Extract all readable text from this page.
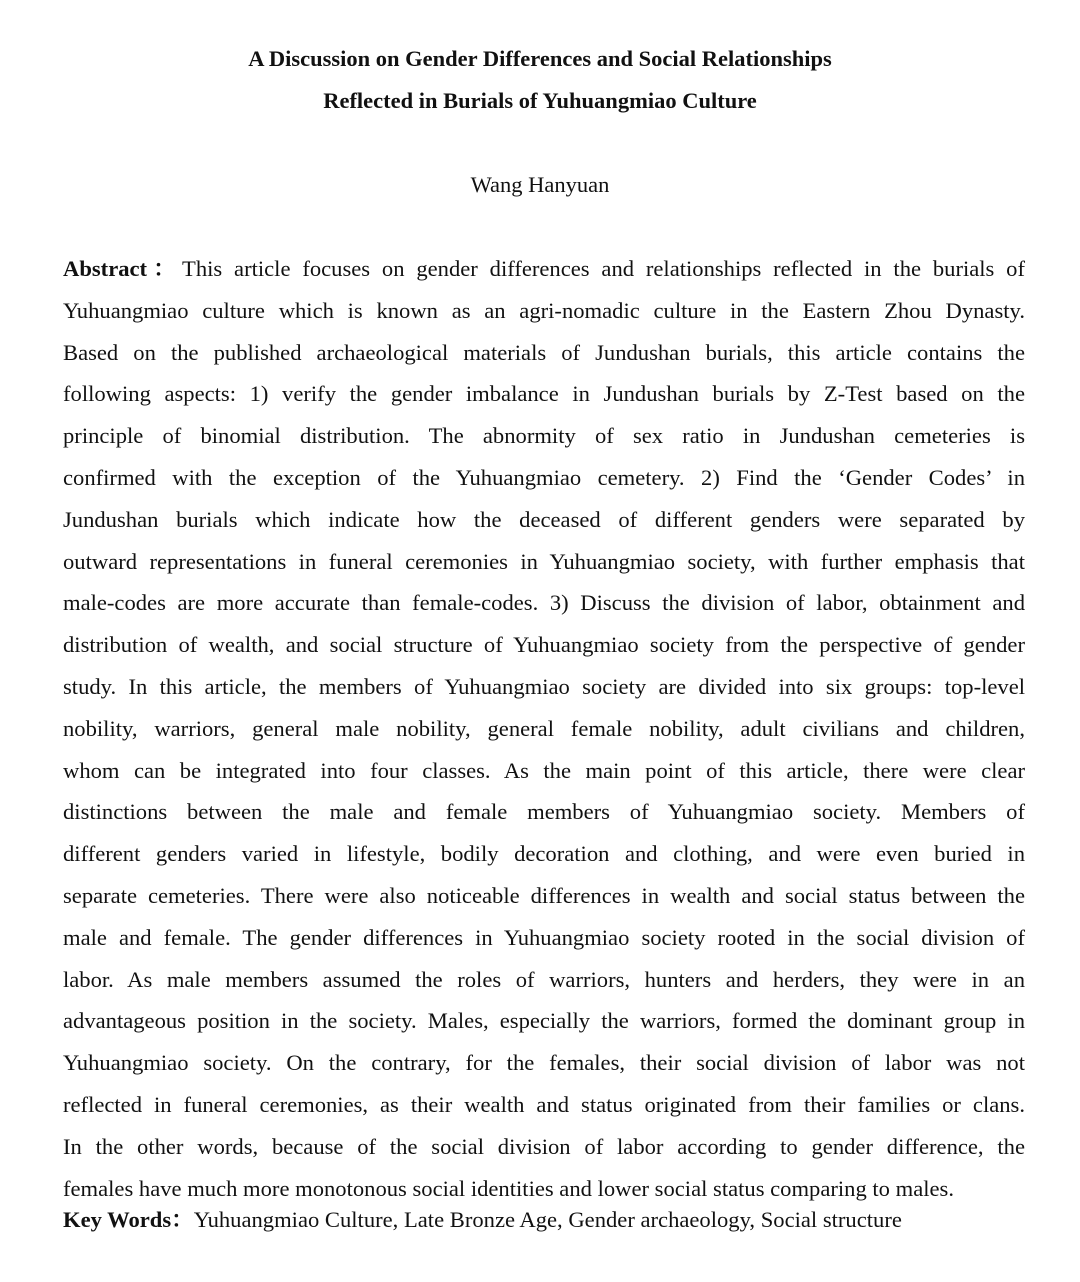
A Discussion on Gender Differences and Social Relationships
Reflected in Burials of Yuhuangmiao Culture
Wang Hanyuan
Abstract：This article focuses on gender differences and relationships reflected in the burials of
Yuhuangmiao culture which is known as an agri-nomadic culture in the Eastern Zhou Dynasty.
Based on the published archaeological materials of Jundushan burials, this article contains the
following aspects: 1) verify the gender imbalance in Jundushan burials by Z-Test based on the
principle of binomial distribution. The abnormity of sex ratio in Jundushan cemeteries is
confirmed with the exception of the Yuhuangmiao cemetery. 2) Find the ‘Gender Codes’ in
Jundushan burials which indicate how the deceased of different genders were separated by
outward representations in funeral ceremonies in Yuhuangmiao society, with further emphasis that
male-codes are more accurate than female-codes. 3) Discuss the division of labor, obtainment and
distribution of wealth, and social structure of Yuhuangmiao society from the perspective of gender
study. In this article, the members of Yuhuangmiao society are divided into six groups: top-level
nobility, warriors, general male nobility, general female nobility, adult civilians and children,
whom can be integrated into four classes. As the main point of this article, there were clear
distinctions between the male and female members of Yuhuangmiao society. Members of
different genders varied in lifestyle, bodily decoration and clothing, and were even buried in
separate cemeteries. There were also noticeable differences in wealth and social status between the
male and female. The gender differences in Yuhuangmiao society rooted in the social division of
labor. As male members assumed the roles of warriors, hunters and herders, they were in an
advantageous position in the society. Males, especially the warriors, formed the dominant group in
Yuhuangmiao society. On the contrary, for the females, their social division of labor was not
reflected in funeral ceremonies, as their wealth and status originated from their families or clans.
In the other words, because of the social division of labor according to gender difference, the
females have much more monotonous social identities and lower social status comparing to males.
Key Words：Yuhuangmiao Culture, Late Bronze Age, Gender archaeology, Social structure
